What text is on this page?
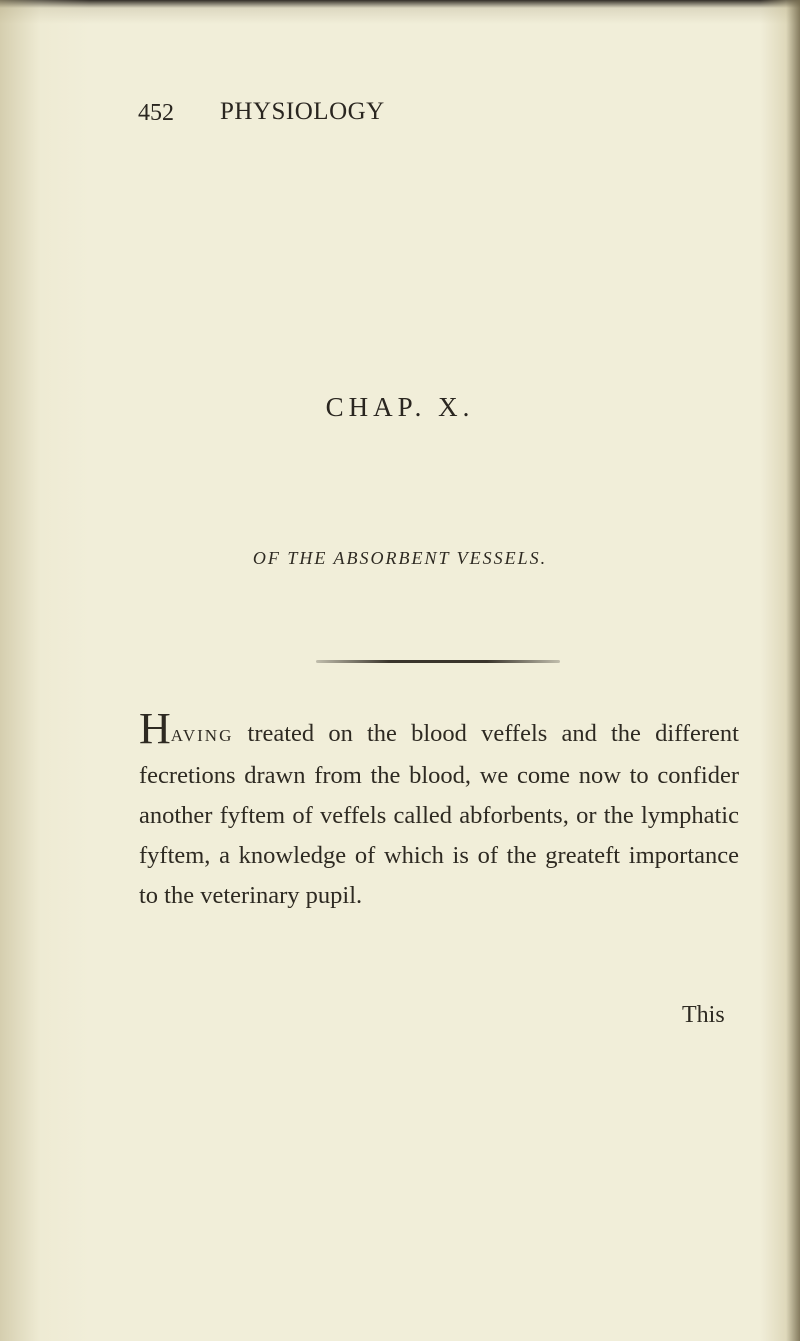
452 PHYSIOLOGY
CHAP. X.
OF THE ABSORBENT VESSELS.

HAVING treated on the blood veffels and the different fecretions drawn from the blood, we come now to confider another fyftem of veffels called abforbents, or the lymphatic fyftem, a knowledge of which is of the greateft importance to the veterinary pupil.

This
